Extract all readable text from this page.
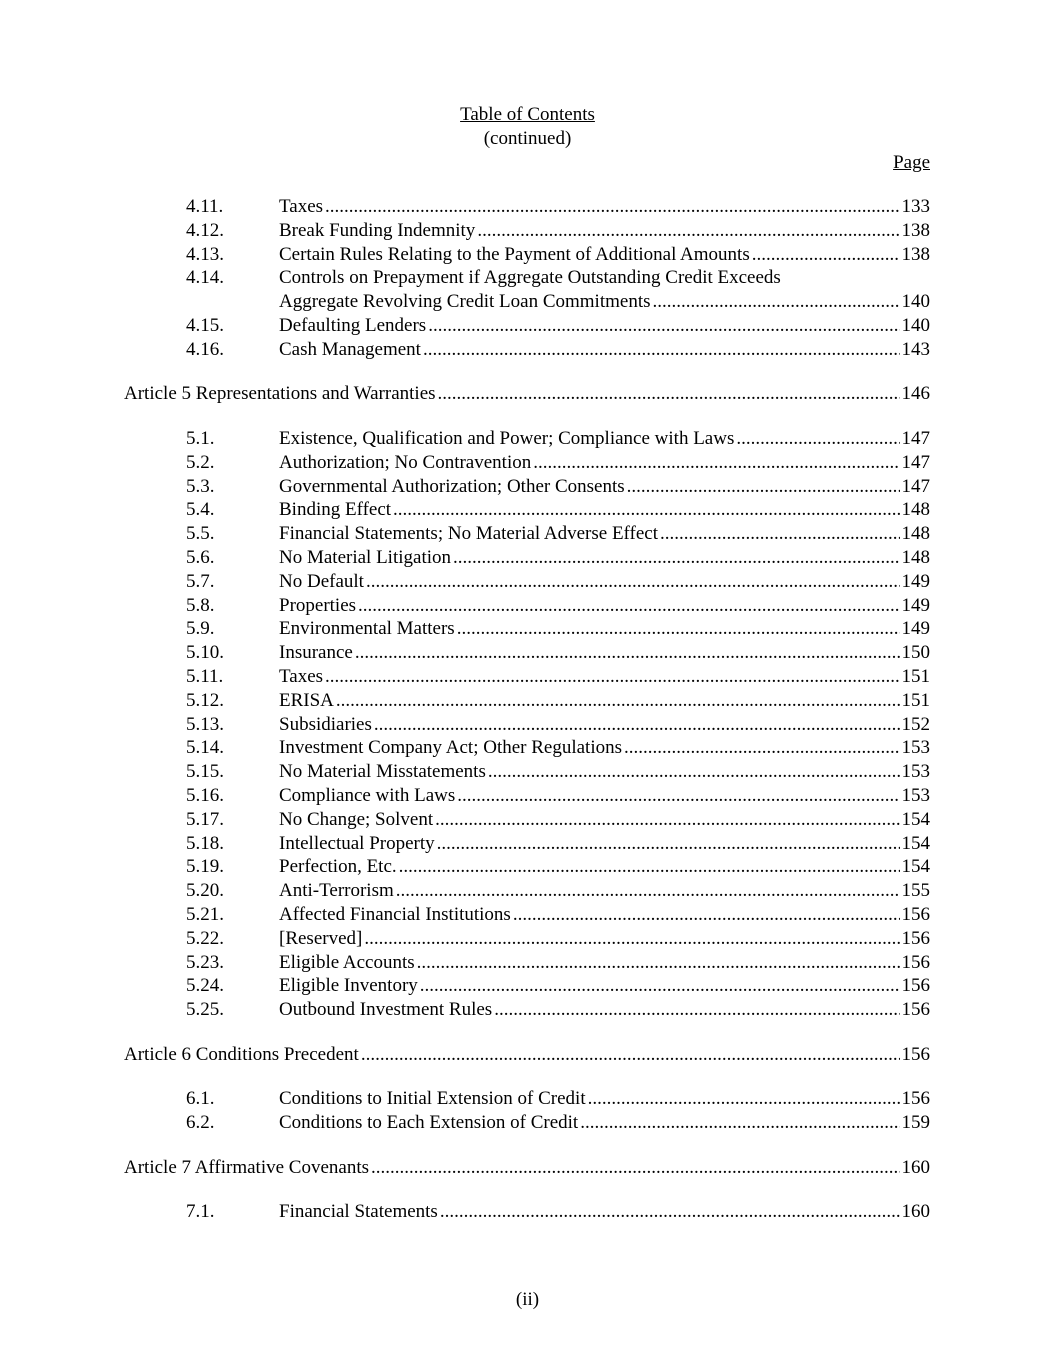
Table of Contents
(continued)
Page
4.11.	Taxes .....	133
4.12.	Break Funding Indemnity .....	138
4.13.	Certain Rules Relating to the Payment of Additional Amounts .....	138
4.14.	Controls on Prepayment if Aggregate Outstanding Credit Exceeds
Aggregate Revolving Credit Loan Commitments .....	140
4.15.	Defaulting Lenders .....	140
4.16.	Cash Management .....	143
Article 5 Representations and Warranties .....	146
5.1.	Existence, Qualification and Power; Compliance with Laws .....	147
5.2.	Authorization; No Contravention .....	147
5.3.	Governmental Authorization; Other Consents .....	147
5.4.	Binding Effect .....	148
5.5.	Financial Statements; No Material Adverse Effect .....	148
5.6.	No Material Litigation .....	148
5.7.	No Default .....	149
5.8.	Properties .....	149
5.9.	Environmental Matters .....	149
5.10.	Insurance .....	150
5.11.	Taxes .....	151
5.12.	ERISA .....	151
5.13.	Subsidiaries .....	152
5.14.	Investment Company Act; Other Regulations .....	153
5.15.	No Material Misstatements .....	153
5.16.	Compliance with Laws .....	153
5.17.	No Change; Solvent .....	154
5.18.	Intellectual Property .....	154
5.19.	Perfection, Etc. .....	154
5.20.	Anti-Terrorism .....	155
5.21.	Affected Financial Institutions .....	156
5.22.	[Reserved] .....	156
5.23.	Eligible Accounts .....	156
5.24.	Eligible Inventory .....	156
5.25.	Outbound Investment Rules .....	156
Article 6 Conditions Precedent .....	156
6.1.	Conditions to Initial Extension of Credit .....	156
6.2.	Conditions to Each Extension of Credit .....	159
Article 7 Affirmative Covenants .....	160
7.1.	Financial Statements .....	160
(ii)
